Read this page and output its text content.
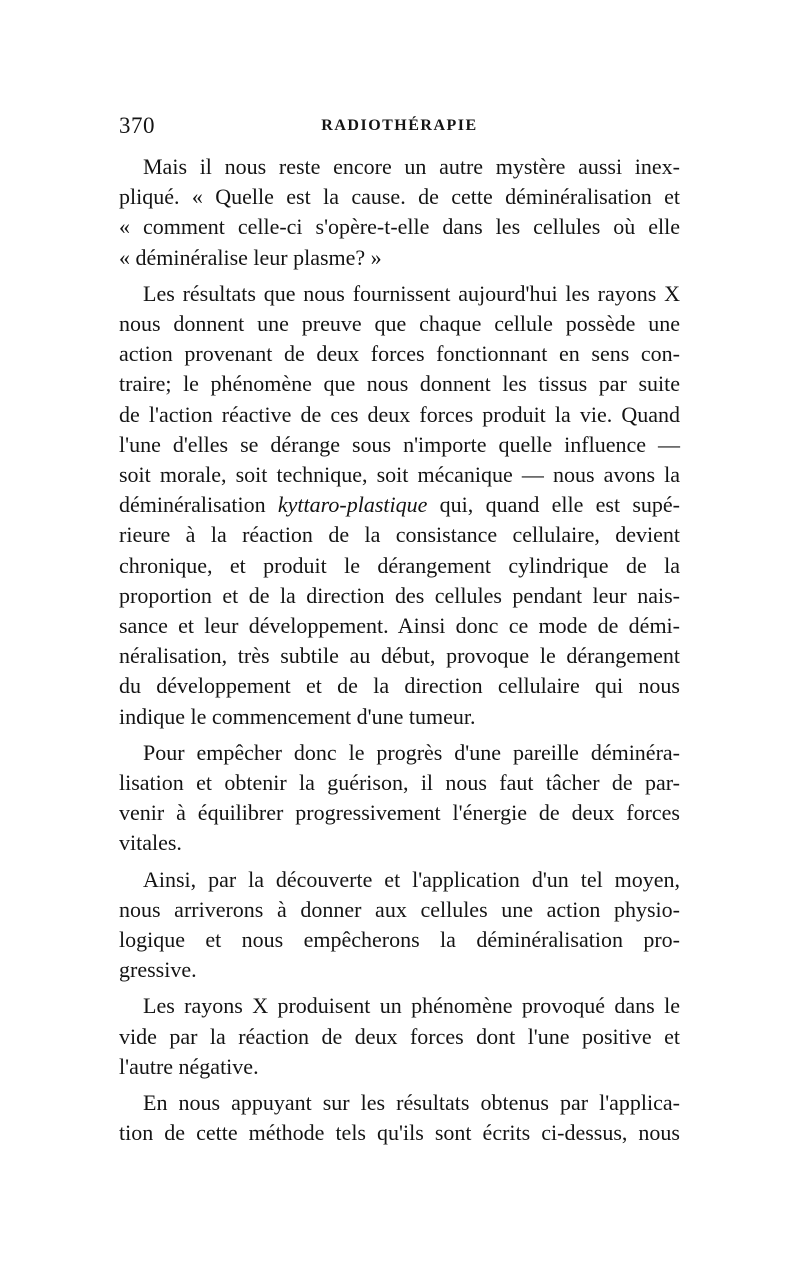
370	RADIOTHÉRAPIE

Mais il nous reste encore un autre mystère aussi inex-
pliqué. « Quelle est la cause. de cette déminéralisation et
« comment celle-ci s'opère-t-elle dans les cellules où elle
« déminéralise leur plasme? »

Les résultats que nous fournissent aujourd'hui les rayons X
nous donnent une preuve que chaque cellule possède une
action provenant de deux forces fonctionnant en sens con-
traire; le phénomène que nous donnent les tissus par suite
de l'action réactive de ces deux forces produit la vie. Quand
l'une d'elles se dérange sous n'importe quelle influence —
soit morale, soit technique, soit mécanique — nous avons la
déminéralisation kyttaro-plastique qui, quand elle est supé-
rieure à la réaction de la consistance cellulaire, devient
chronique, et produit le dérangement cylindrique de la
proportion et de la direction des cellules pendant leur nais-
sance et leur développement. Ainsi donc ce mode de démi-
néralisation, très subtile au début, provoque le dérangement
du développement et de la direction cellulaire qui nous
indique le commencement d'une tumeur.

Pour empêcher donc le progrès d'une pareille déminéra-
lisation et obtenir la guérison, il nous faut tâcher de par-
venir à équilibrer progressivement l'énergie de deux forces
vitales.

Ainsi, par la découverte et l'application d'un tel moyen,
nous arriverons à donner aux cellules une action physio-
logique et nous empêcherons la déminéralisation pro-
gressive.

Les rayons X produisent un phénomène provoqué dans le
vide par la réaction de deux forces dont l'une positive et
l'autre négative.

En nous appuyant sur les résultats obtenus par l'applica-
tion de cette méthode tels qu'ils sont écrits ci-dessus, nous
